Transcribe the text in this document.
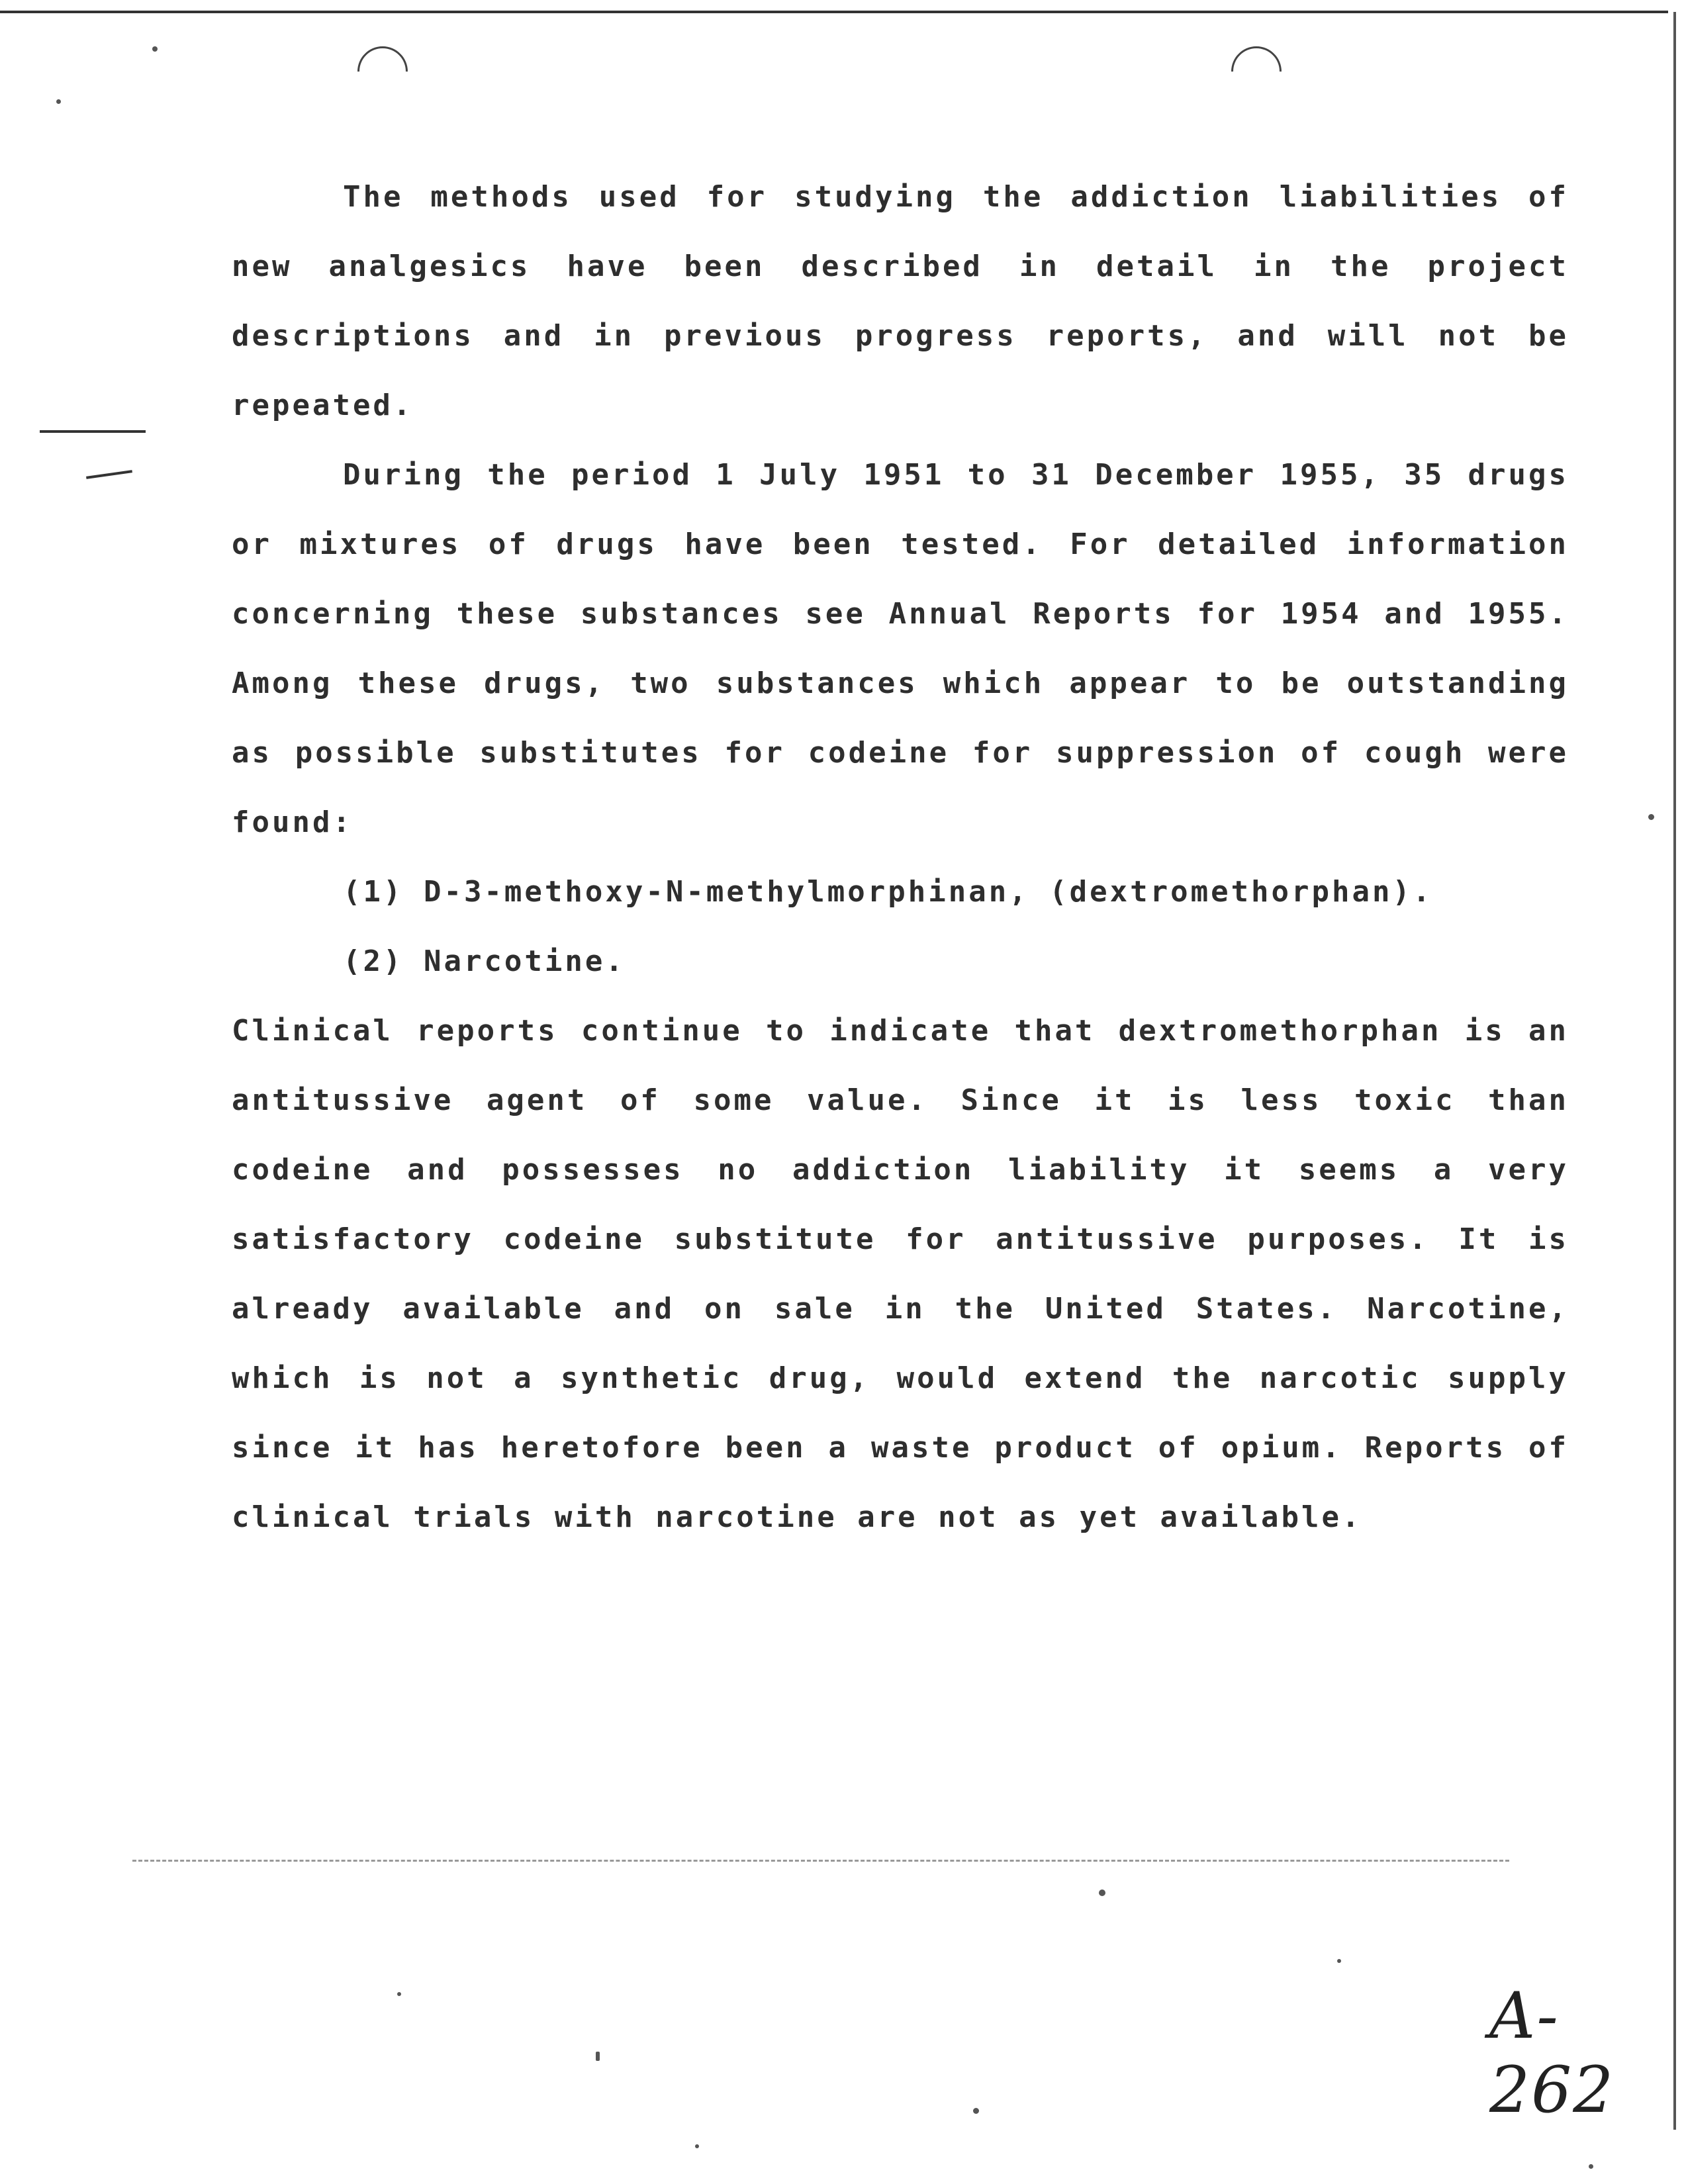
The methods used for studying the addiction liabilities of new analgesics have been described in detail in the project descriptions and in previous progress reports, and will not be repeated.

During the period 1 July 1951 to 31 December 1955, 35 drugs or mixtures of drugs have been tested. For detailed information concerning these substances see Annual Reports for 1954 and 1955. Among these drugs, two substances which appear to be outstanding as possible substitutes for codeine for suppression of cough were found:

(1) D-3-methoxy-N-methylmorphinan, (dextromethorphan).

(2) Narcotine.

Clinical reports continue to indicate that dextromethorphan is an antitussive agent of some value. Since it is less toxic than codeine and possesses no addiction liability it seems a very satisfactory codeine substitute for antitussive purposes. It is already available and on sale in the United States. Narcotine, which is not a synthetic drug, would extend the narcotic supply since it has heretofore been a waste product of opium. Reports of clinical trials with narcotine are not as yet available.

A-262
